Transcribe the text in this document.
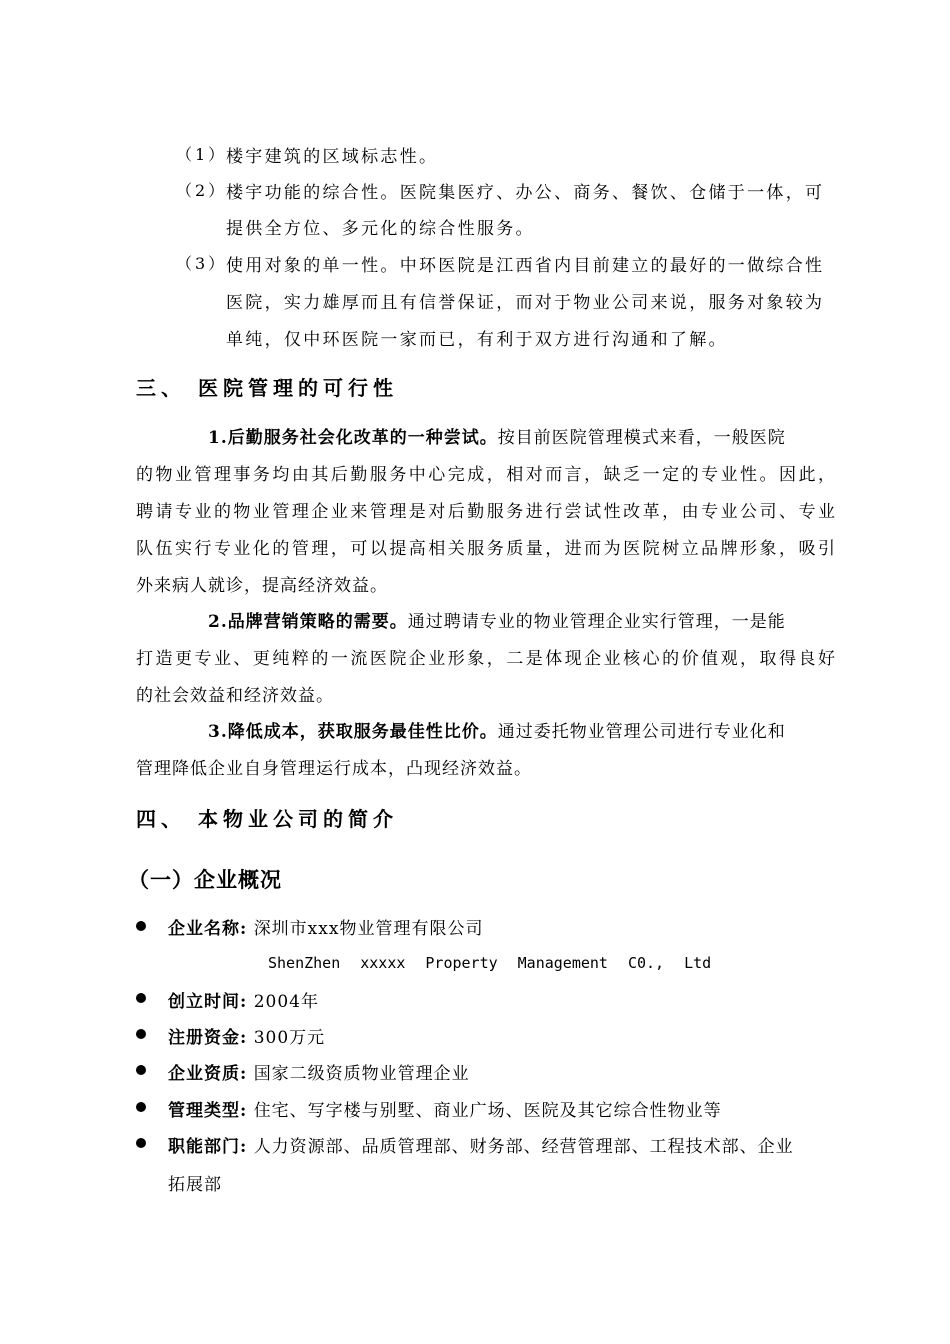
（1）
楼宇建筑的区域标志性。
（2）
楼宇功能的综合性。医院集医疗、办公、商务、餐饮、仓储于一体，可
提供全方位、多元化的综合性服务。
（3）
使用对象的单一性。中环医院是江西省内目前建立的最好的一做综合性
医院，实力雄厚而且有信誉保证，而对于物业公司来说，服务对象较为
单纯，仅中环医院一家而已，有利于双方进行沟通和了解。
三、 医院管理的可行性
1.后勤服务社会化改革的一种尝试。按目前医院管理模式来看，一般医院
的物业管理事务均由其后勤服务中心完成，相对而言，缺乏一定的专业性。因此，
聘请专业的物业管理企业来管理是对后勤服务进行尝试性改革，由专业公司、专业
队伍实行专业化的管理，可以提高相关服务质量，进而为医院树立品牌形象，吸引
外来病人就诊，提高经济效益。
2.品牌营销策略的需要。通过聘请专业的物业管理企业实行管理，一是能
打造更专业、更纯粹的一流医院企业形象，二是体现企业核心的价值观，取得良好
的社会效益和经济效益。
3.降低成本，获取服务最佳性比价。通过委托物业管理公司进行专业化和
管理降低企业自身管理运行成本，凸现经济效益。
四、 本物业公司的简介
（一）企业概况
企业名称: 深圳市xxx物业管理有限公司
ShenZhen xxxxx Property Management C0., Ltd
创立时间: 2004年
注册资金: 300万元
企业资质: 国家二级资质物业管理企业
管理类型: 住宅、写字楼与别墅、商业广场、医院及其它综合性物业等
职能部门: 人力资源部、品质管理部、财务部、经营管理部、工程技术部、企业
拓展部
